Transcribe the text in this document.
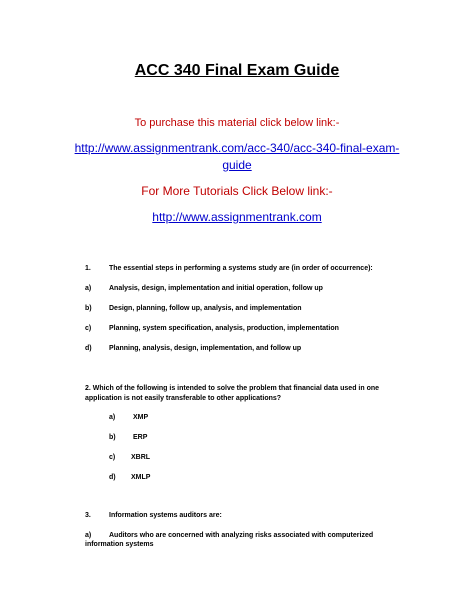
ACC 340 Final Exam Guide
To purchase this material click below link:-
http://www.assignmentrank.com/acc-340/acc-340-final-exam-
guide
For More Tutorials Click Below link:-
http://www.assignmentrank.com
1.	The essential steps in performing a systems study are (in order of occurrence):
a)	Analysis, design, implementation and initial operation, follow up
b) Design, planning, follow up, analysis, and implementation
c)	Planning, system specification, analysis, production, implementation
d) Planning, analysis, design, implementation, and follow up
2. Which of the following is intended to solve the problem that financial data used in one
application is not easily transferable to other applications?
a)	XMP
b) ERP
c) XBRL
d) XMLP
3.	Information systems auditors are:
a)	Auditors who are concerned with analyzing risks associated with computerized
information systems
